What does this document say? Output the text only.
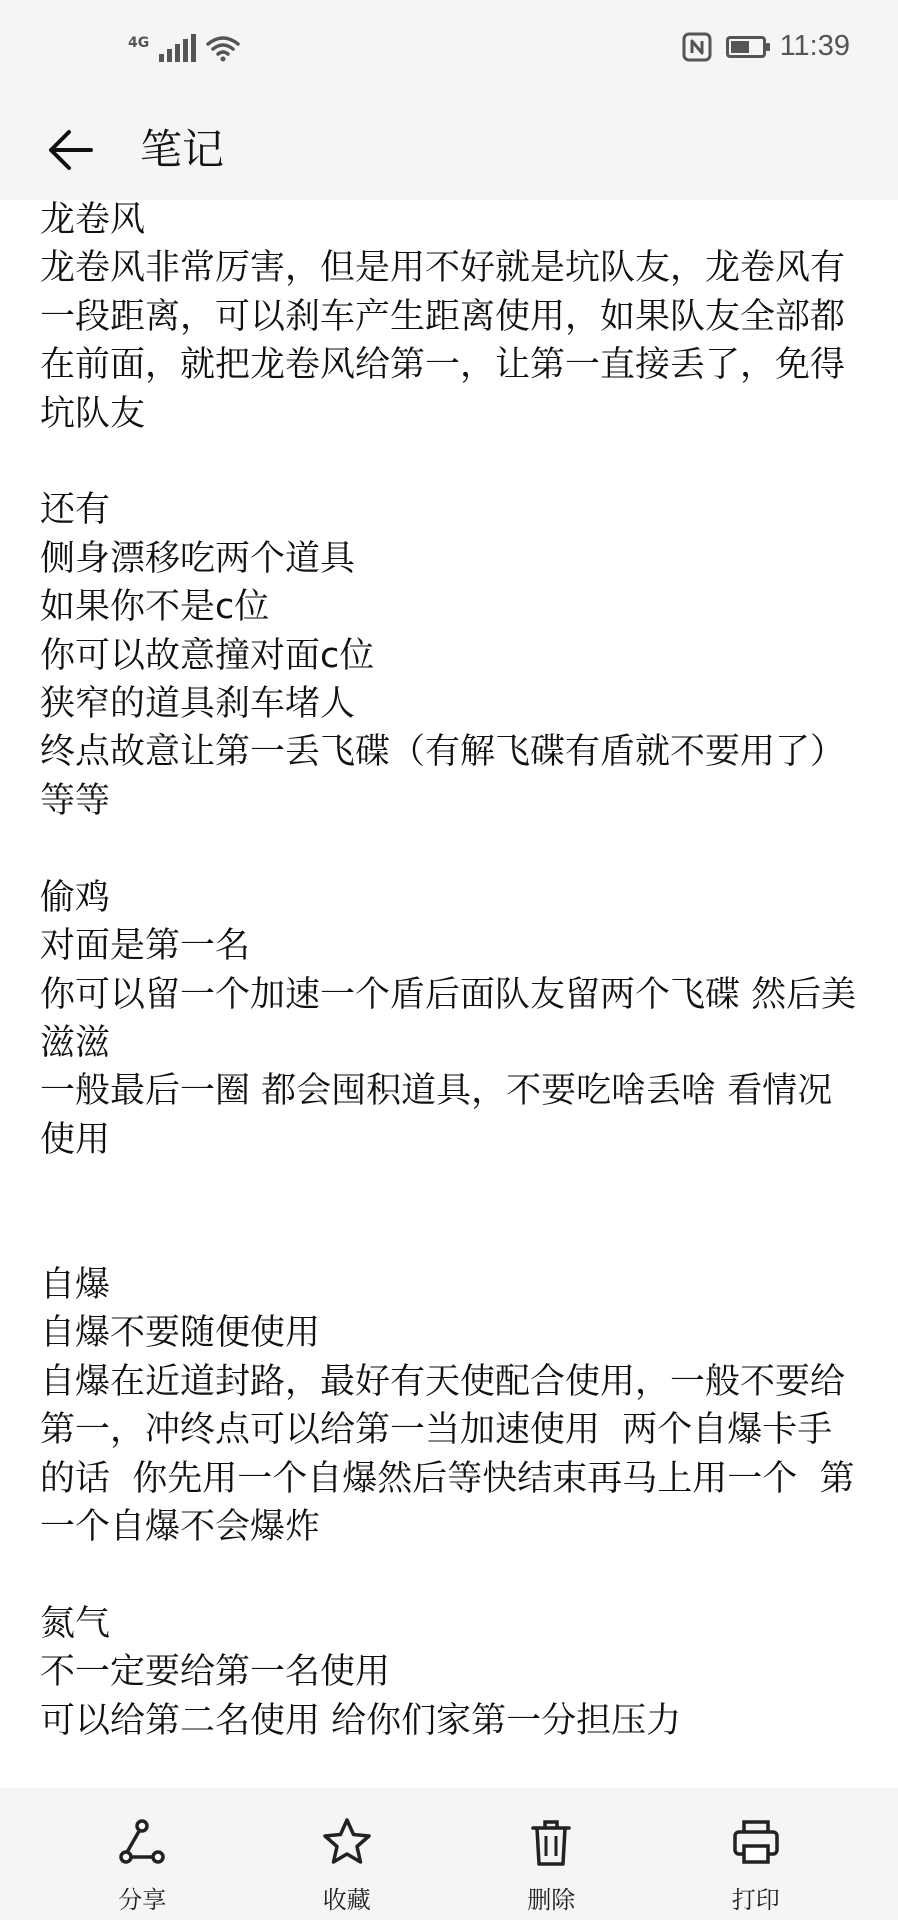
4G	11:39
笔记

龙卷风
龙卷风非常厉害，但是用不好就是坑队友，龙卷风有一段距离，可以刹车产生距离使用，如果队友全部都在前面，就把龙卷风给第一，让第一直接丢了，免得坑队友

还有
侧身漂移吃两个道具
如果你不是c位
你可以故意撞对面c位
狭窄的道具刹车堵人
终点故意让第一丢飞碟（有解飞碟有盾就不要用了）
等等

偷鸡
对面是第一名
你可以留一个加速一个盾后面队友留两个飞碟 然后美滋滋
一般最后一圈 都会囤积道具，不要吃啥丢啥 看情况使用

自爆
自爆不要随便使用
自爆在近道封路，最好有天使配合使用，一般不要给第一，冲终点可以给第一当加速使用  两个自爆卡手的话  你先用一个自爆然后等快结束再马上用一个  第一个自爆不会爆炸

氮气
不一定要给第一名使用
可以给第二名使用 给你们家第一分担压力

分享	收藏	删除	打印
